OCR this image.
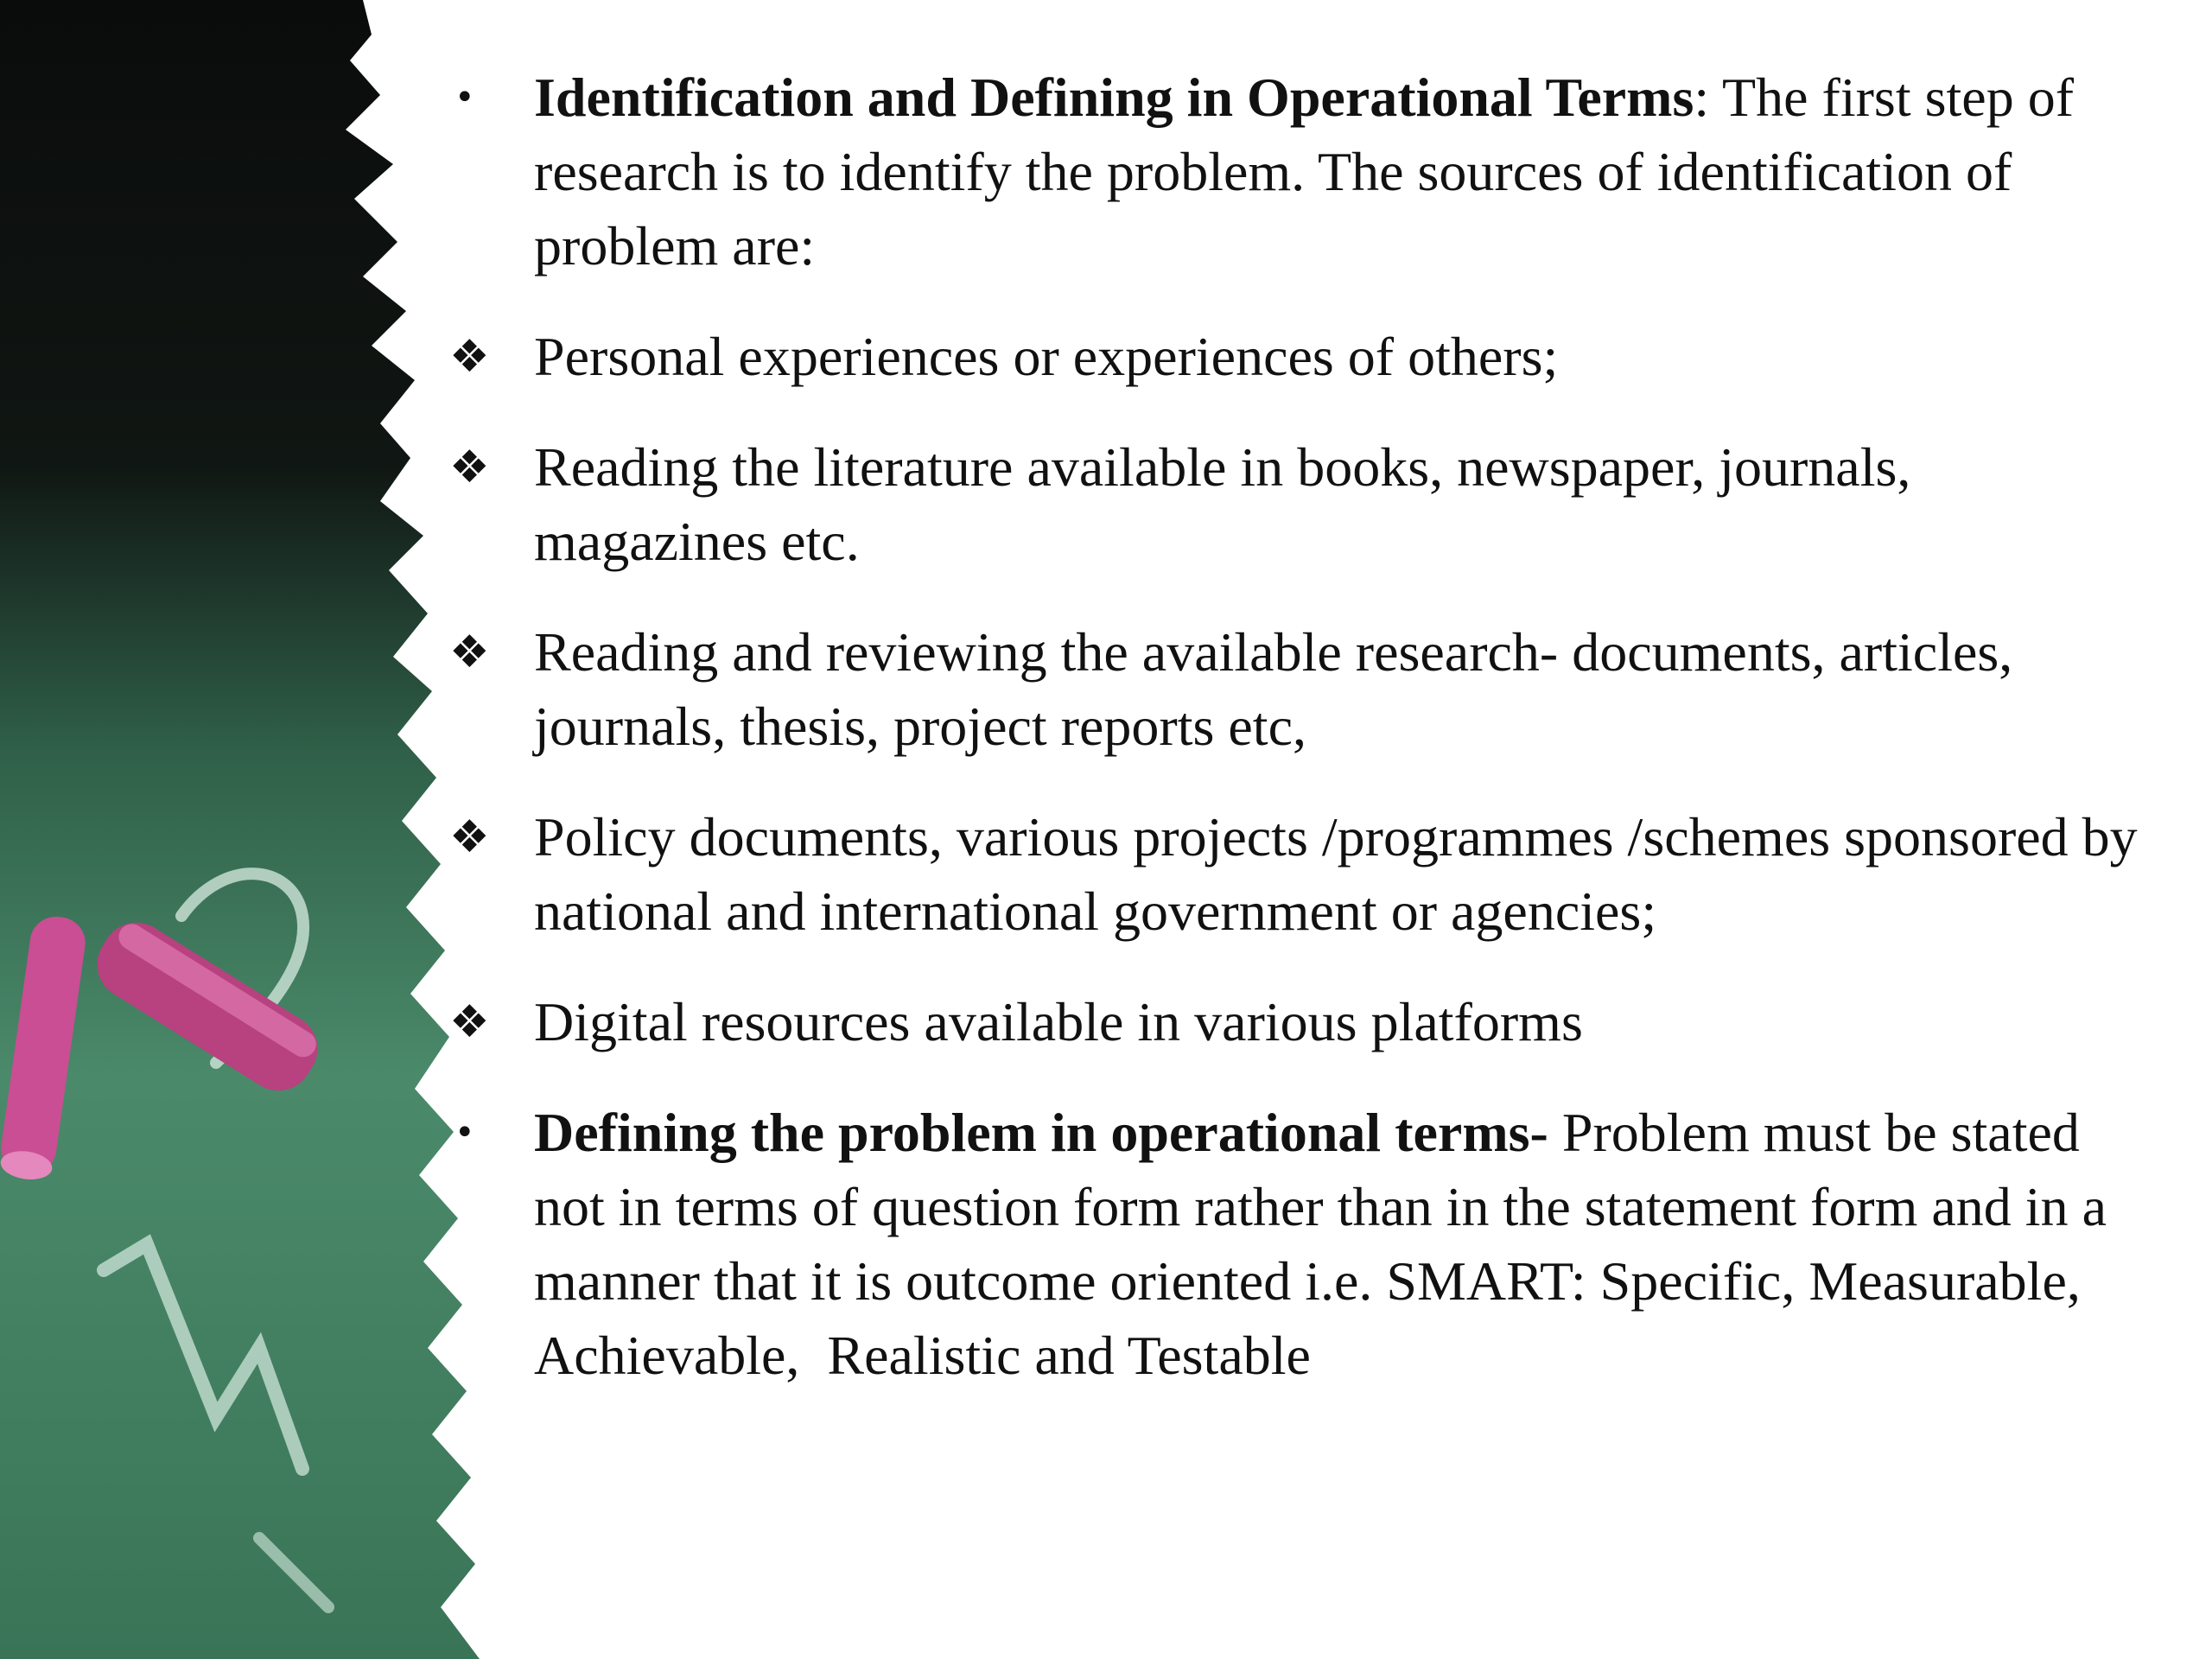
• Identification and Defining in Operational Terms: The first step of research is to identify the problem. The sources of identification of problem are:
❖ Personal experiences or experiences of others;
❖ Reading the literature available in books, newspaper, journals, magazines etc.
❖ Reading and reviewing the available research- documents, articles, journals, thesis, project reports etc,
❖ Policy documents, various projects /programmes /schemes sponsored by national and international government or agencies;
❖ Digital resources available in various platforms
• Defining the problem in operational terms- Problem must be stated  not in terms of question form rather than in the statement form and in a manner that it is outcome oriented i.e. SMART: Specific, Measurable, Achievable,  Realistic and Testable
